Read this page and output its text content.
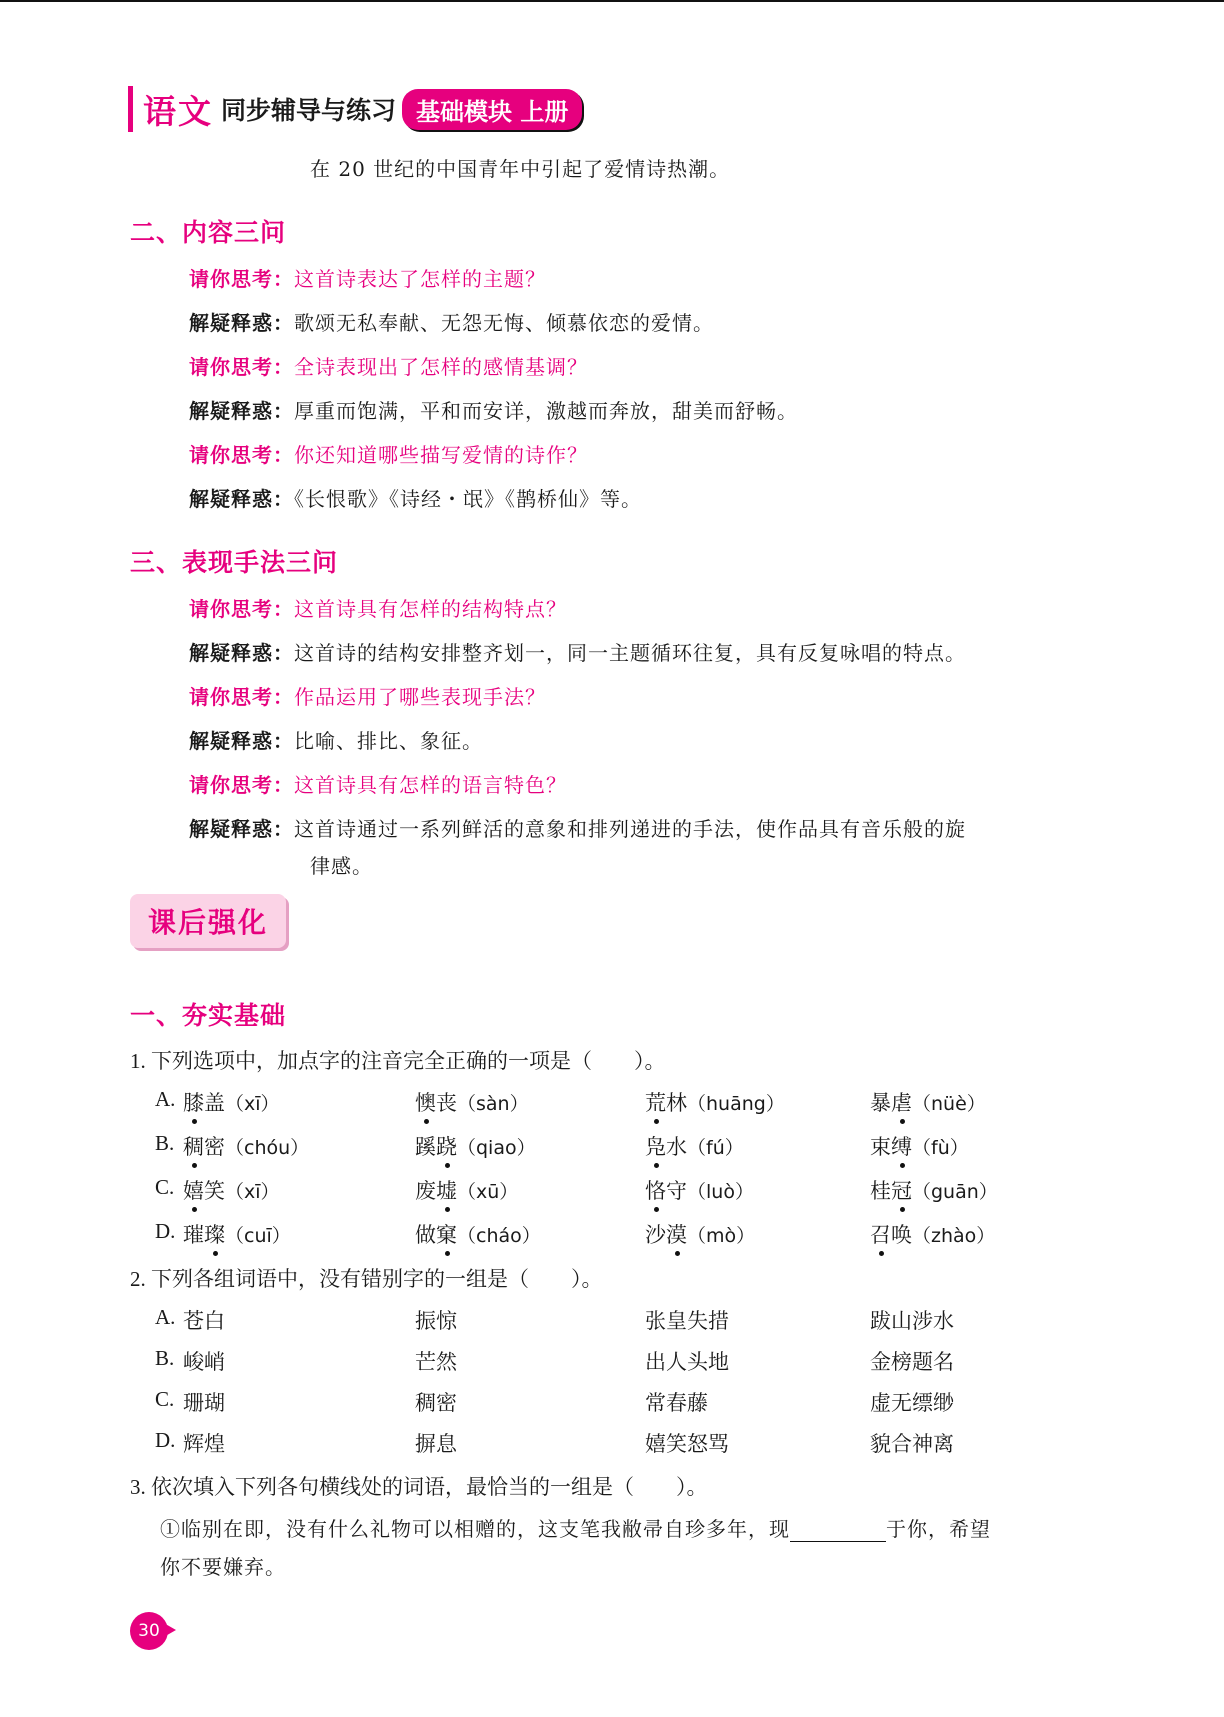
语文 同步辅导与练习 基础模块 上册
在 20 世纪的中国青年中引起了爱情诗热潮。
二、内容三问
请你思考：这首诗表达了怎样的主题？
解疑释惑：歌颂无私奉献、无怨无悔、倾慕依恋的爱情。
请你思考：全诗表现出了怎样的感情基调？
解疑释惑：厚重而饱满，平和而安详，激越而奔放，甜美而舒畅。
请你思考：你还知道哪些描写爱情的诗作？
解疑释惑：《长恨歌》《诗经・氓》《鹊桥仙》等。
三、表现手法三问
请你思考：这首诗具有怎样的结构特点？
解疑释惑：这首诗的结构安排整齐划一，同一主题循环往复，具有反复咏唱的特点。
请你思考：作品运用了哪些表现手法？
解疑释惑：比喻、排比、象征。
请你思考：这首诗具有怎样的语言特色？
解疑释惑：这首诗通过一系列鲜活的意象和排列递进的手法，使作品具有音乐般的旋
律感。
课后强化
一、夯实基础
1. 下列选项中，加点字的注音完全正确的一项是（　　）。
A. 膝盖（xī）	懊丧（sàn）	荒林（huāng）	暴虐（nüè）
B. 稠密（chóu）	蹊跷（qiao）	凫水（fú）	束缚（fù）
C. 嬉笑（xī）	废墟（xū）	恪守（luò）	桂冠（guān）
D. 璀璨（cuī）	做窠（cháo）	沙漠（mò）	召唤（zhào）
2. 下列各组词语中，没有错别字的一组是（　　）。
A. 苍白	振惊	张皇失措	跋山涉水
B. 峻峭	芒然	出人头地	金榜题名
C. 珊瑚	稠密	常春藤	虚无缥缈
D. 辉煌	摒息	嬉笑怒骂	貌合神离
3. 依次填入下列各句横线处的词语，最恰当的一组是（　　）。
①临别在即，没有什么礼物可以相赠的，这支笔我敝帚自珍多年，现	于你，希望
你不要嫌弃。
30
